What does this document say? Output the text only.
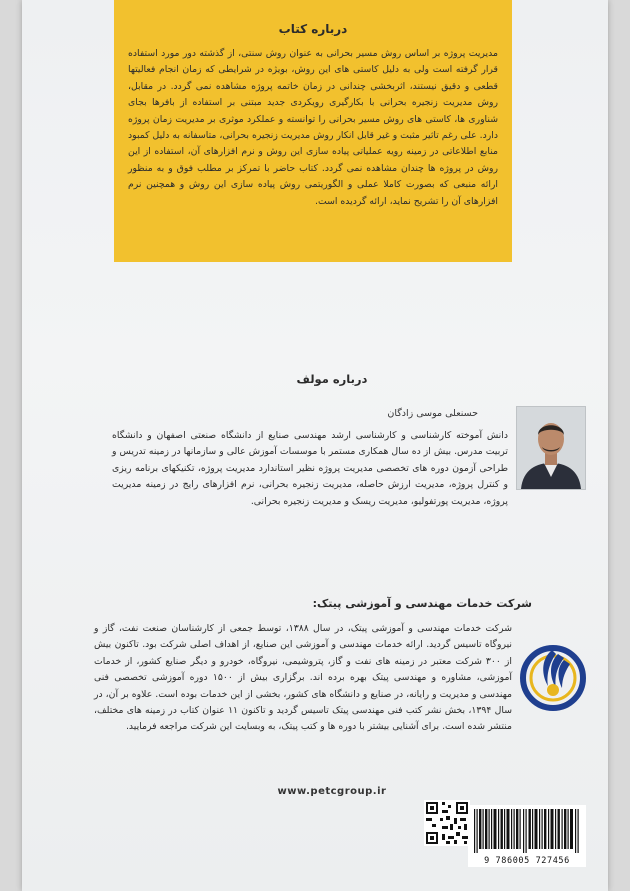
درباره کتاب
مدیریت پروژه بر اساس روش مسیر بحرانی به عنوان روش سنتی، از گذشته دور مورد استفاده قرار گرفته است ولی به دلیل کاستی های این روش، بویژه در شرایطی که زمان انجام فعالیتها قطعی و دقیق نیستند، اثربخشی چندانی در زمان خاتمه پروژه مشاهده نمی گردد. در مقابل، روش مدیریت زنجیره بحرانی با بکارگیری رویکردی جدید مبتنی بر استفاده از بافرها بجای شناوری ها، کاستی های روش مسیر بحرانی را توانسته و عملکرد موثری بر مدیریت زمان پروژه دارد. علی رغم تاثیر مثبت و غیر قابل انکار روش مدیریت زنجیره بحرانی، متاسفانه به دلیل کمبود منابع اطلاعاتی در زمینه رویه عملیاتی پیاده سازی این روش و نرم افزارهای آن، استفاده از این روش در پروژه ها چندان مشاهده نمی گردد. کتاب حاضر با تمرکز بر مطلب فوق و به منظور ارائه منبعی که بصورت کاملا عملی و الگوریتمی روش پیاده سازی این روش و همچنین نرم افزارهای آن را تشریح نماید، ارائه گردیده است.
درباره مولف
حسنعلی موسی زادگان
دانش آموخته کارشناسی و کارشناسی ارشد مهندسی صنایع از دانشگاه صنعتی اصفهان و دانشگاه تربیت مدرس. بیش از ده سال همکاری مستمر با موسسات آموزش عالی و سازمانها در زمینه تدریس و طراحی آزمون دوره های تخصصی مدیریت پروژه نظیر استاندارد مدیریت پروژه، تکنیکهای برنامه ریزی و کنترل پروژه، مدیریت ارزش حاصله، مدیریت زنجیره بحرانی، نرم افزارهای رایج در زمینه مدیریت پروژه، مدیریت پورتفولیو، مدیریت ریسک و مدیریت زنجیره بحرانی.
شرکت خدمات مهندسی و آموزشی پیتک:
شرکت خدمات مهندسی و آموزشی پیتک، در سال ۱۳۸۸، توسط جمعی از کارشناسان صنعت نفت، گاز و نیروگاه تاسیس گردید. ارائه خدمات مهندسی و آموزشی این صنایع، از اهداف اصلی شرکت بود. تاکنون بیش از ۳۰۰ شرکت معتبر در زمینه های نفت و گاز، پتروشیمی، نیروگاه، خودرو و دیگر صنایع کشور، از خدمات آموزشی، مشاوره و مهندسی پیتک بهره برده اند. برگزاری بیش از ۱۵۰۰ دوره آموزشی تخصصی فنی مهندسی و مدیریت و رایانه، در صنایع و دانشگاه های کشور، بخشی از این خدمات بوده است. علاوه بر آن، در سال ۱۳۹۴، بخش نشر کتب فنی مهندسی پیتک تاسیس گردید و تاکنون ۱۱ عنوان کتاب در زمینه های مختلف، منتشر شده است. برای آشنایی بیشتر با دوره ها و کتب پیتک، به وبسایت این شرکت مراجعه فرمایید.
www.petcgroup.ir
9 786005 727456
